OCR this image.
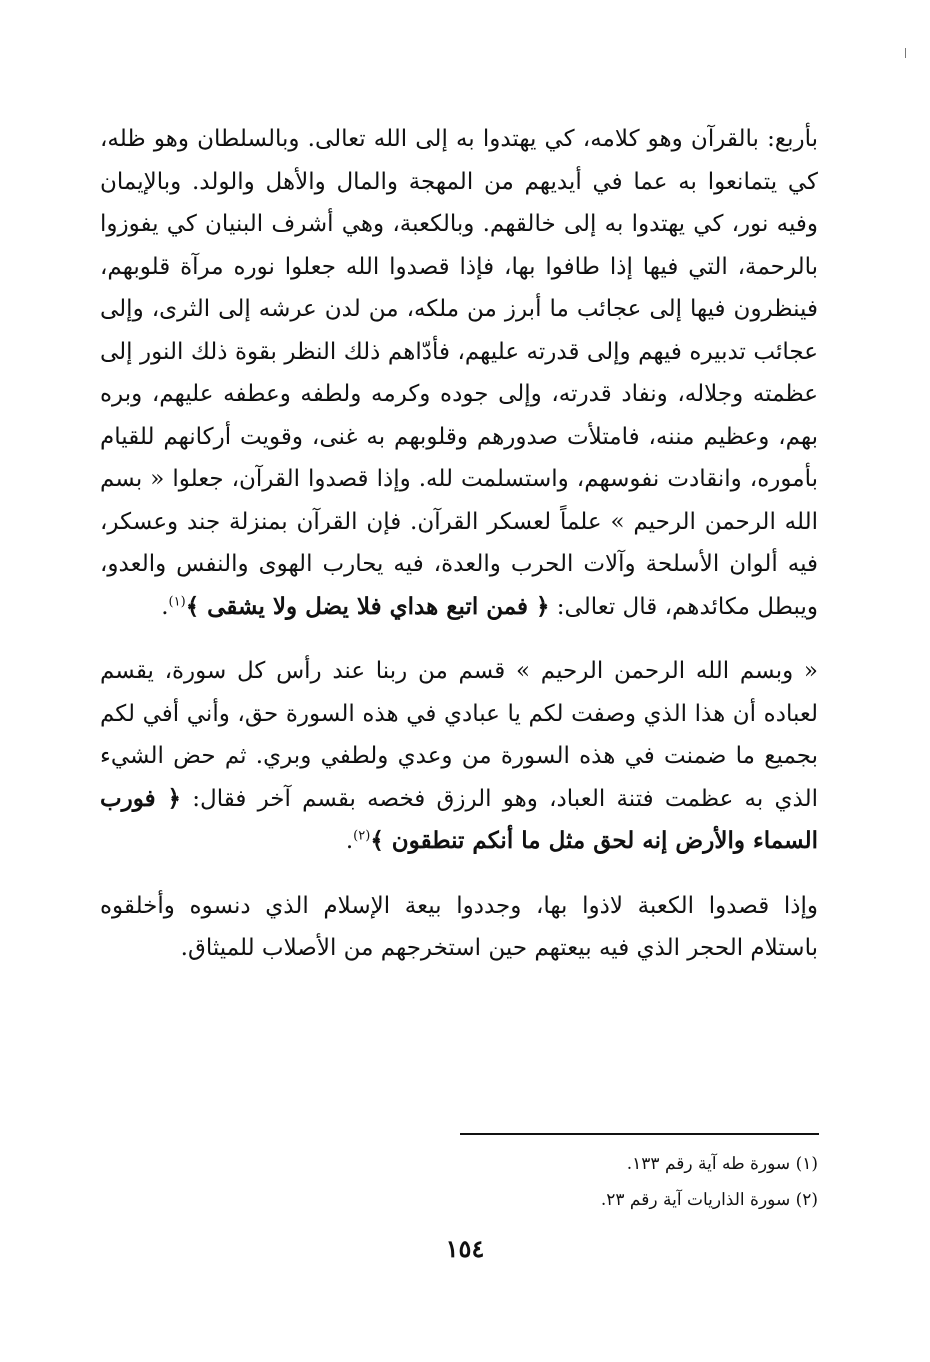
بأربع: بالقرآن وهو كلامه، كي يهتدوا به إلى الله تعالى. وبالسلطان وهو ظله، كي يتمانعوا به عما في أيديهم من المهجة والمال والأهل والولد. وبالإيمان وفيه نور، كي يهتدوا به إلى خالقهم. وبالكعبة، وهي أشرف البنيان كي يفوزوا بالرحمة، التي فيها إذا طافوا بها، فإذا قصدوا الله جعلوا نوره مرآة قلوبهم، فينظرون فيها إلى عجائب ما أبرز من ملكه، من لدن عرشه إلى الثرى، وإلى عجائب تدبيره فيهم وإلى قدرته عليهم، فأدّاهم ذلك النظر بقوة ذلك النور إلى عظمته وجلاله، ونفاد قدرته، وإلى جوده وكرمه ولطفه وعطفه عليهم، وبره بهم، وعظيم مننه، فامتلأت صدورهم وقلوبهم به غنى، وقويت أركانهم للقيام بأموره، وانقادت نفوسهم، واستسلمت لله. وإذا قصدوا القرآن، جعلوا « بسم الله الرحمن الرحيم » علماً لعسكر القرآن. فإن القرآن بمنزلة جند وعسكر، فيه ألوان الأسلحة وآلات الحرب والعدة، فيه يحارب الهوى والنفس والعدو، ويبطل مكائدهم، قال تعالى: ﴿ فمن اتبع هداي فلا يضل ولا يشقى ﴾$^{(١)}$.

« وبسم الله الرحمن الرحيم » قسم من ربنا عند رأس كل سورة، يقسم لعباده أن هذا الذي وصفت لكم يا عبادي في هذه السورة حق، وأني أفي لكم بجميع ما ضمنت في هذه السورة من وعدي ولطفي وبري. ثم حض الشيء الذي به عظمت فتنة العباد، وهو الرزق فخصه بقسم آخر فقال: ﴿ فورب السماء والأرض إنه لحق مثل ما أنكم تنطقون ﴾$^{(٢)}$.

وإذا قصدوا الكعبة لاذوا بها، وجددوا بيعة الإسلام الذي دنسوه وأخلقوه باستلام الحجر الذي فيه بيعتهم حين استخرجهم من الأصلاب للميثاق.

(١) سورة طه آية رقم ١٣٣.

(٢) سورة الذاريات آية رقم ٢٣.

١٥٤
